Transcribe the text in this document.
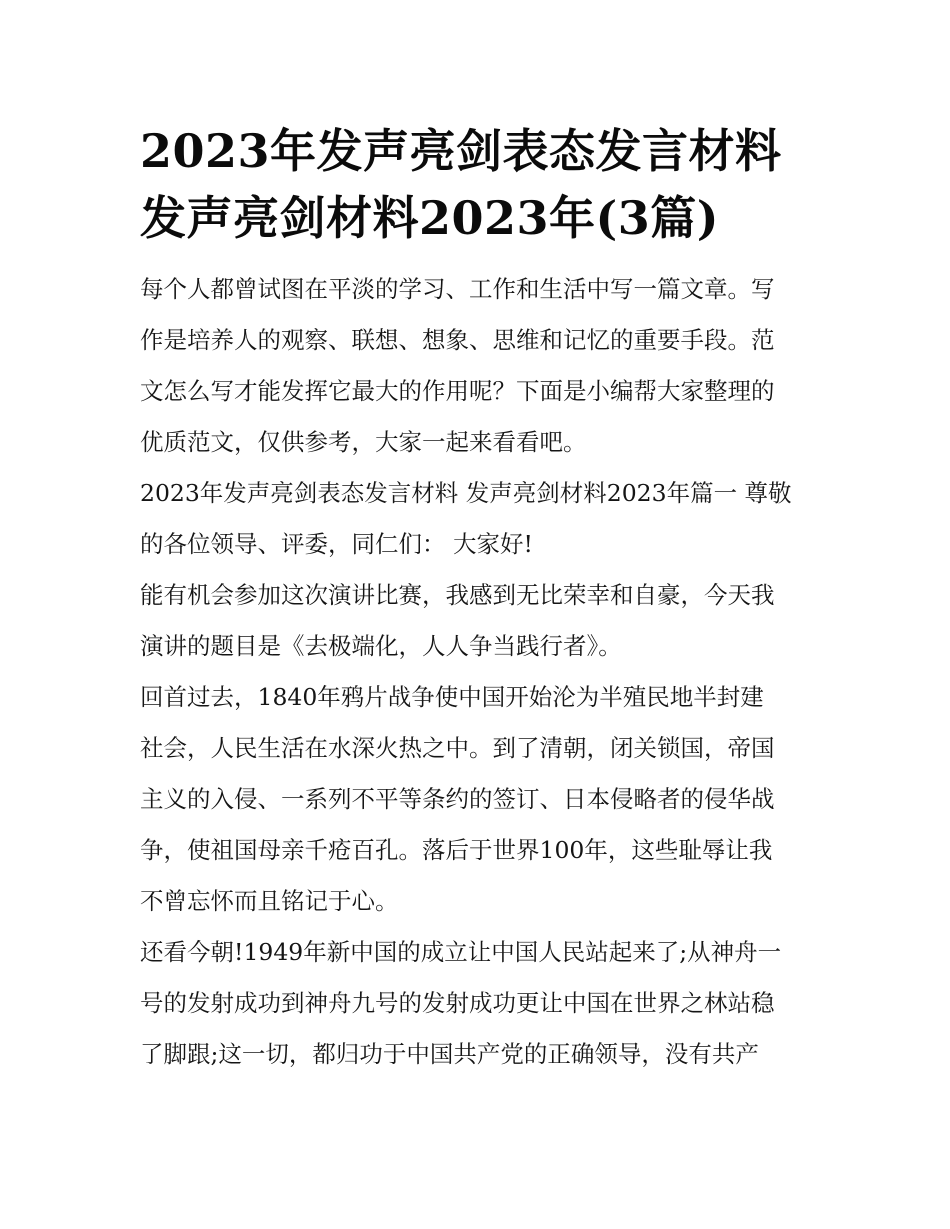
2023年发声亮剑表态发言材料
发声亮剑材料2023年(3篇)
每个人都曾试图在平淡的学习、工作和生活中写一篇文章。写
作是培养人的观察、联想、想象、思维和记忆的重要手段。范
文怎么写才能发挥它最大的作用呢？下面是小编帮大家整理的
优质范文，仅供参考，大家一起来看看吧。
2023年发声亮剑表态发言材料 发声亮剑材料2023年篇一 尊敬
的各位领导、评委，同仁们： 大家好!
能有机会参加这次演讲比赛，我感到无比荣幸和自豪，今天我
演讲的题目是《去极端化，人人争当践行者》。
回首过去，1840年鸦片战争使中国开始沦为半殖民地半封建
社会，人民生活在水深火热之中。到了清朝，闭关锁国，帝国
主义的入侵、一系列不平等条约的签订、日本侵略者的侵华战
争，使祖国母亲千疮百孔。落后于世界100年，这些耻辱让我
不曾忘怀而且铭记于心。
还看今朝!1949年新中国的成立让中国人民站起来了;从神舟一
号的发射成功到神舟九号的发射成功更让中国在世界之林站稳
了脚跟;这一切，都归功于中国共产党的正确领导，没有共产
